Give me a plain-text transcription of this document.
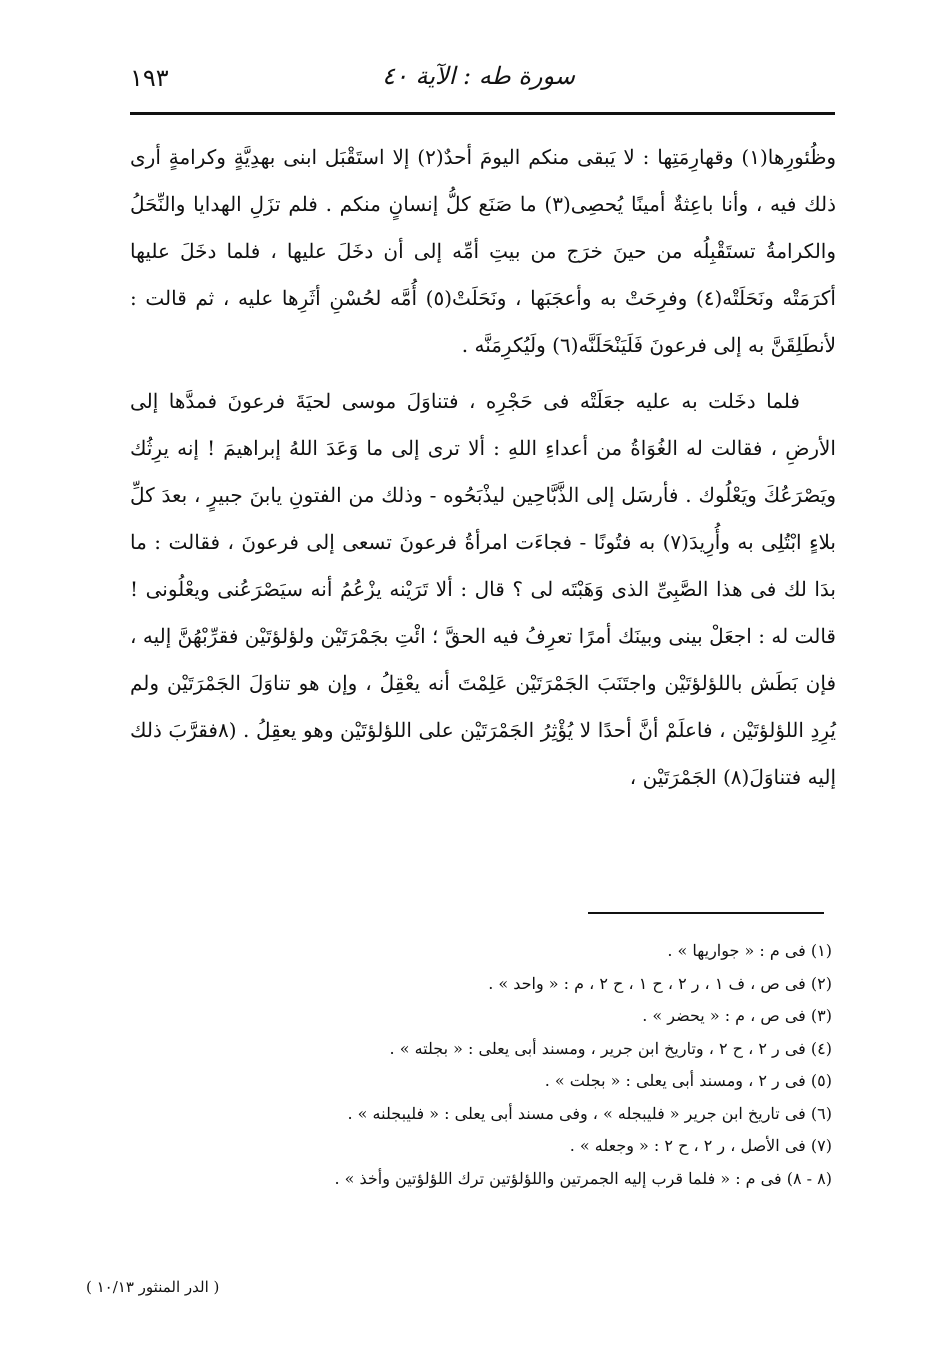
سورة طه : الآية ٤٠
١٩٣

وظُئورِها(١) وقهارِمَتِها : لا يَبقى منكم اليومَ أحدٌ(٢) إلا استَقْبَل ابنى بهدِيَّةٍ وكرامةٍ أرى ذلك فيه ، وأنا باعِثةٌ أمينًا يُحصِى(٣) ما صَنَع كلُّ إنسانٍ منكم . فلم تزَلِ الهدايا والنِّحَلُ والكرامةُ تستَقْبِلُه من حينَ خرَج من بيتِ أمِّه إلى أن دخَلَ عليها ، فلما دخَلَ عليها أكرَمَتْه ونَحَلَتْه(٤) وفرِحَتْ به وأعجَبَها ، ونَحَلَتْ(٥) أُمَّه لحُسْنِ أثَرِها عليه ، ثم قالت : لأنطَلِقَنَّ به إلى فرعونَ فَلَيَنْحَلَنَّه(٦) ولَيُكرِمَنَّه .

فلما دخَلت به عليه جعَلَتْه فى حَجْرِه ، فتناوَلَ موسى لحيَةَ فرعونَ فمدَّها إلى الأرضِ ، فقالت له الغُوَاةُ من أعداءِ اللهِ : ألا ترى إلى ما وَعَدَ اللهُ إبراهيمَ ! إنه يرِثُك ويَصْرَعُكَ ويَعْلُوك . فأرسَل إلى الذَّبَّاحِين ليذْبَحُوه - وذلك من الفتونِ يابنَ جبيرٍ ، بعدَ كلِّ بلاءٍ ابْتُلِى به وأُرِيدَ(٧) به فتُونًا - فجاءَت امرأةُ فرعونَ تسعى إلى فرعونَ ، فقالت : ما بدَا لك فى هذا الصَّبِىِّ الذى وَهَبْتَه لى ؟ قال : ألا تَرَيْنه يزْعُمُ أنه سيَصْرَعُنى ويعْلُونى ! قالت له : اجعَلْ بينى وبينَك أمرًا تعرِفُ فيه الحقَّ ؛ ائْتِ بجَمْرَتَيْن ولؤلؤتَيْن فقرِّبْهُنَّ إليه ، فإن بَطَش باللؤلؤتَيْن واجتَنَبَ الجَمْرَتَيْن عَلِمْتَ أنه يعْقِلُ ، وإن هو تناوَلَ الجَمْرَتَيْن ولم يُرِدِ اللؤلؤتَيْن ، فاعلَمْ أنَّ أحدًا لا يُؤْثِرُ الجَمْرَتَيْن على اللؤلؤتَيْن وهو يعقِلُ . (٨فقرَّبَ ذلك إليه فتناوَلَ(٨) الجَمْرَتَيْن ،

(١) فى م : « جواريها » .
(٢) فى ص ، ف ١ ، ر ٢ ، ح ١ ، ح ٢ ، م : « واحد » .
(٣) فى ص ، م : « يحضر » .
(٤) فى ر ٢ ، ح ٢ ، وتاريخ ابن جرير ، ومسند أبى يعلى : « بجلته » .
(٥) فى ر ٢ ، ومسند أبى يعلى : « بجلت » .
(٦) فى تاريخ ابن جرير « فليبجله » ، وفى مسند أبى يعلى : « فليبجلنه » .
(٧) فى الأصل ، ر ٢ ، ح ٢ : « وجعله » .
(٨ - ٨) فى م : « فلما قرب إليه الجمرتين واللؤلؤتين ترك اللؤلؤتين وأخذ » .
( الدر المنثور ١٠/١٣ )
